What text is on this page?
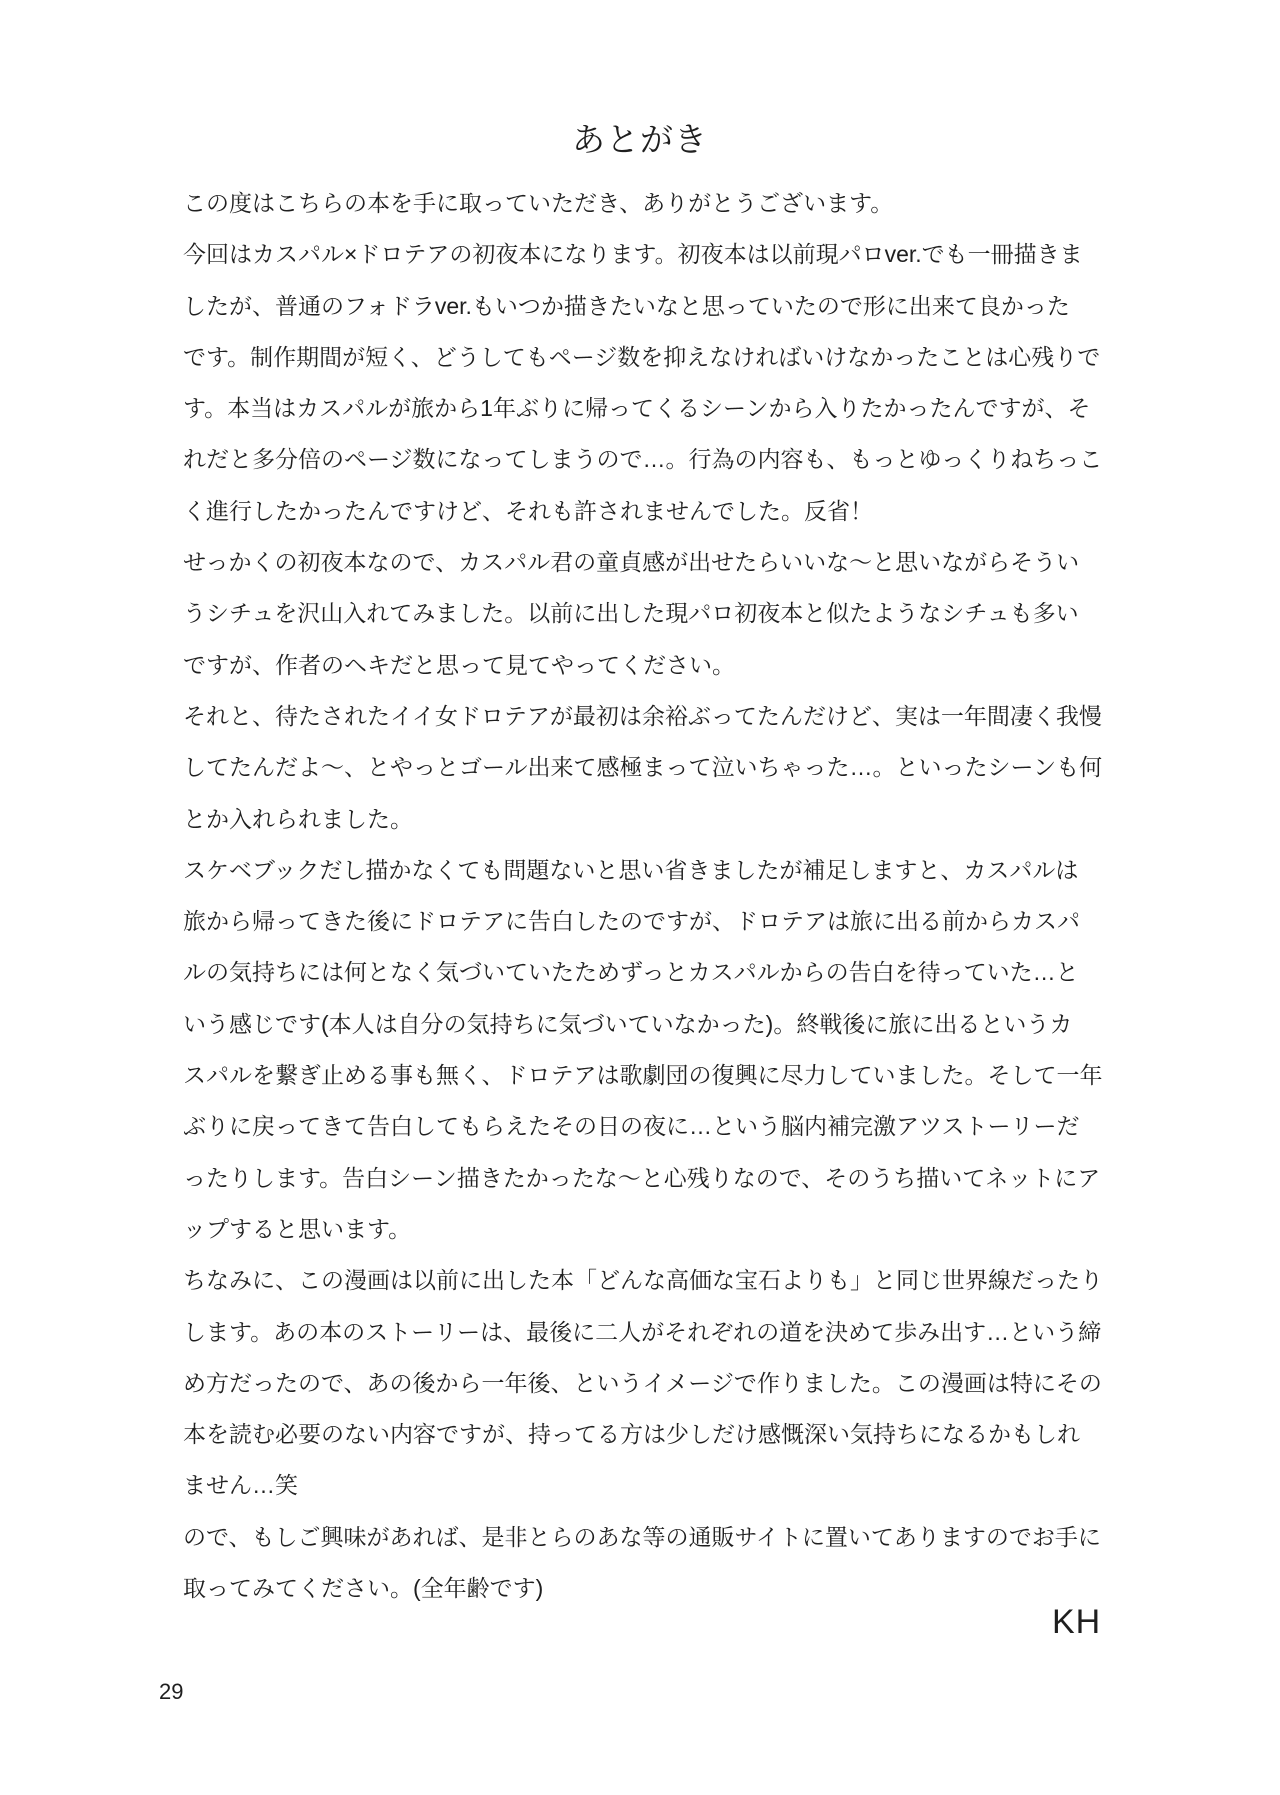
あとがき
この度はこちらの本を手に取っていただき、ありがとうございます。
今回はカスパル×ドロテアの初夜本になります。初夜本は以前現パロver.でも一冊描きま
したが、普通のフォドラver.もいつか描きたいなと思っていたので形に出来て良かった
です。制作期間が短く、どうしてもページ数を抑えなければいけなかったことは心残りで
す。本当はカスパルが旅から1年ぶりに帰ってくるシーンから入りたかったんですが、そ
れだと多分倍のページ数になってしまうので…。行為の内容も、もっとゆっくりねちっこ
く進行したかったんですけど、それも許されませんでした。反省！
せっかくの初夜本なので、カスパル君の童貞感が出せたらいいな～と思いながらそうい
うシチュを沢山入れてみました。以前に出した現パロ初夜本と似たようなシチュも多い
ですが、作者のヘキだと思って見てやってください。
それと、待たされたイイ女ドロテアが最初は余裕ぶってたんだけど、実は一年間凄く我慢
してたんだよ～、とやっとゴール出来て感極まって泣いちゃった…。といったシーンも何
とか入れられました。
スケベブックだし描かなくても問題ないと思い省きましたが補足しますと、カスパルは
旅から帰ってきた後にドロテアに告白したのですが、ドロテアは旅に出る前からカスパ
ルの気持ちには何となく気づいていたためずっとカスパルからの告白を待っていた…と
いう感じです(本人は自分の気持ちに気づいていなかった)。終戦後に旅に出るというカ
スパルを繋ぎ止める事も無く、ドロテアは歌劇団の復興に尽力していました。そして一年
ぶりに戻ってきて告白してもらえたその日の夜に…という脳内補完激アツストーリーだ
ったりします。告白シーン描きたかったな～と心残りなので、そのうち描いてネットにア
ップすると思います。
ちなみに、この漫画は以前に出した本「どんな高価な宝石よりも」と同じ世界線だったり
します。あの本のストーリーは、最後に二人がそれぞれの道を決めて歩み出す…という締
め方だったので、あの後から一年後、というイメージで作りました。この漫画は特にその
本を読む必要のない内容ですが、持ってる方は少しだけ感慨深い気持ちになるかもしれ
ません…笑
ので、もしご興味があれば、是非とらのあな等の通販サイトに置いてありますのでお手に
取ってみてください。(全年齢です)
KH
29
